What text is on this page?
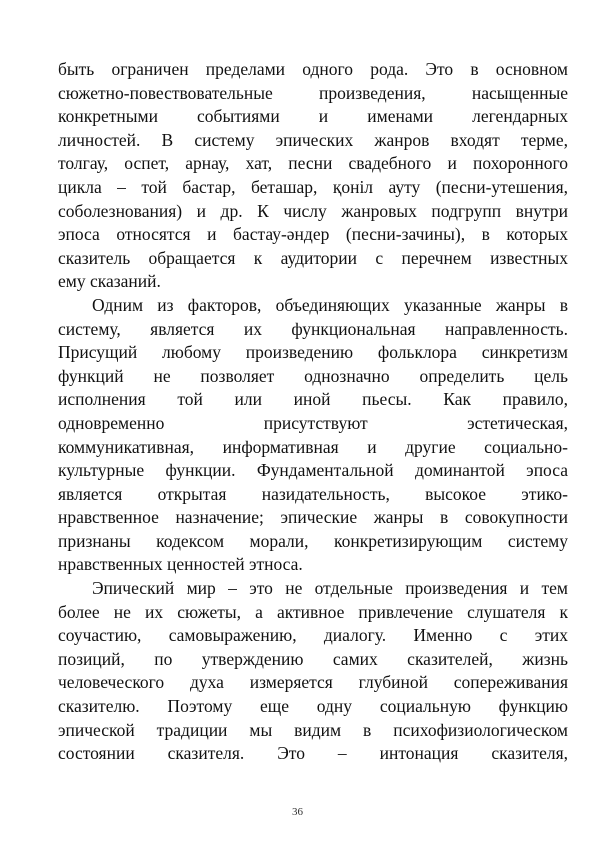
быть ограничен пределами одного рода. Это в основном
сюжетно-повествовательные произведения, насыщенные
конкретными событиями и именами легендарных
личностей. В систему эпических жанров входят терме,
толгау, оспет, арнау, хат, песни свадебного и похоронного
цикла – той бастар, беташар, қоніл ауту (песни-утешения,
соболезнования) и др. К числу жанровых подгрупп внутри
эпоса относятся и бастау-әндер (песни-зачины), в которых
сказитель обращается к аудитории с перечнем известных
ему сказаний.
Одним из факторов, объединяющих указанные жанры в
систему, является их функциональная направленность.
Присущий любому произведению фольклора синкретизм
функций не позволяет однозначно определить цель
исполнения той или иной пьесы. Как правило,
одновременно присутствуют эстетическая,
коммуникативная, информативная и другие социально-
культурные функции. Фундаментальной доминантой эпоса
является открытая назидательность, высокое этико-
нравственное назначение; эпические жанры в совокупности
признаны кодексом морали, конкретизирующим систему
нравственных ценностей этноса.
Эпический мир – это не отдельные произведения и тем
более не их сюжеты, а активное привлечение слушателя к
соучастию, самовыражению, диалогу. Именно с этих
позиций, по утверждению самих сказителей, жизнь
человеческого духа измеряется глубиной сопереживания
сказителю. Поэтому еще одну социальную функцию
эпической традиции мы видим в психофизиологическом
состоянии сказителя. Это – интонация сказителя,
36
